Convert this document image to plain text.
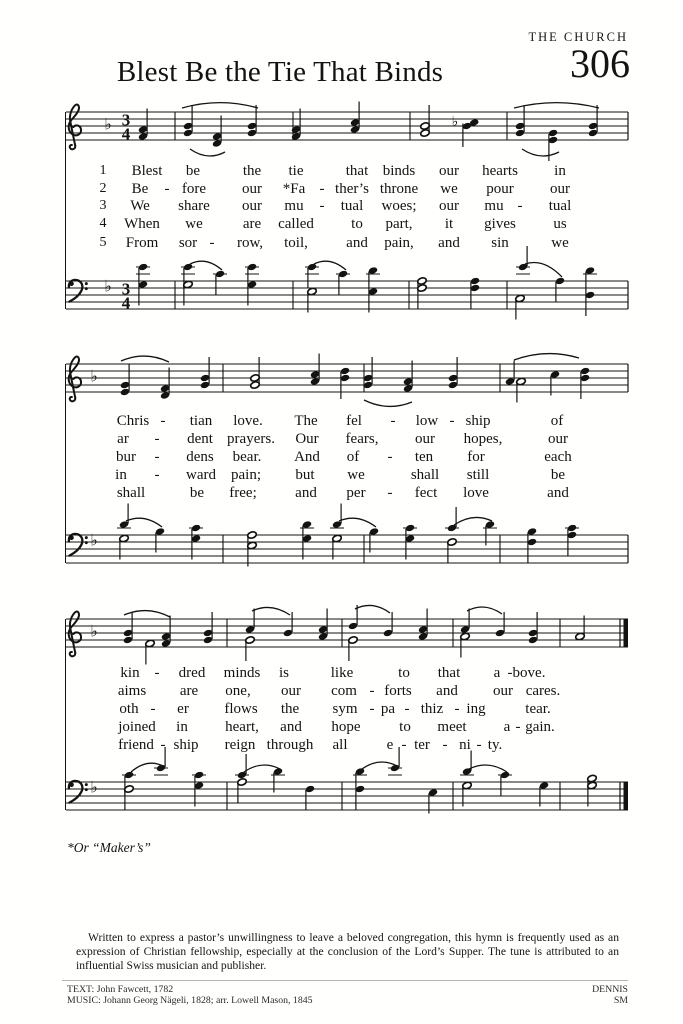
THE CHURCH
306
Blest Be the Tie That Binds
♭ 3
4
♭
♭ 3
4
♭
♭
♭
♭
1 Blest be	the tie	that binds our hearts in
2 Be - fore our *Fa - ther’s throne we pour our
3 We share our mu - tual woes; our mu - tual
4 When we	are called to part, it gives us
5 From sor - row, toil,	and pain, and sin	we
Chris - tian love. The fel - low - ship	of
ar - dent prayers. Our fears, our hopes,	our
bur - dens bear. And of - ten for	each
in - ward pain; but we	shall still	be
shall	be free;	and per - fect love	and
kin - dred minds is	like	to that a - bove.
aims are one, our com - forts and our cares.
oth - er flows the sym - pa - thiz - ing	tear.
joined in heart, and hope	to meet a - gain.
friend - ship reign through all	e - ter - ni - ty.
*Or “Maker’s”
Written to express a pastor’s unwillingness to leave a beloved congregation, this hymn is frequently used as an expression of Christian fellowship, especially at the conclusion of the Lord’s Supper. The tune is attributed to an influential Swiss musician and publisher.
TEXT: John Fawcett, 1782
MUSIC: Johann Georg Nägeli, 1828; arr. Lowell Mason, 1845
DENNIS
SM
